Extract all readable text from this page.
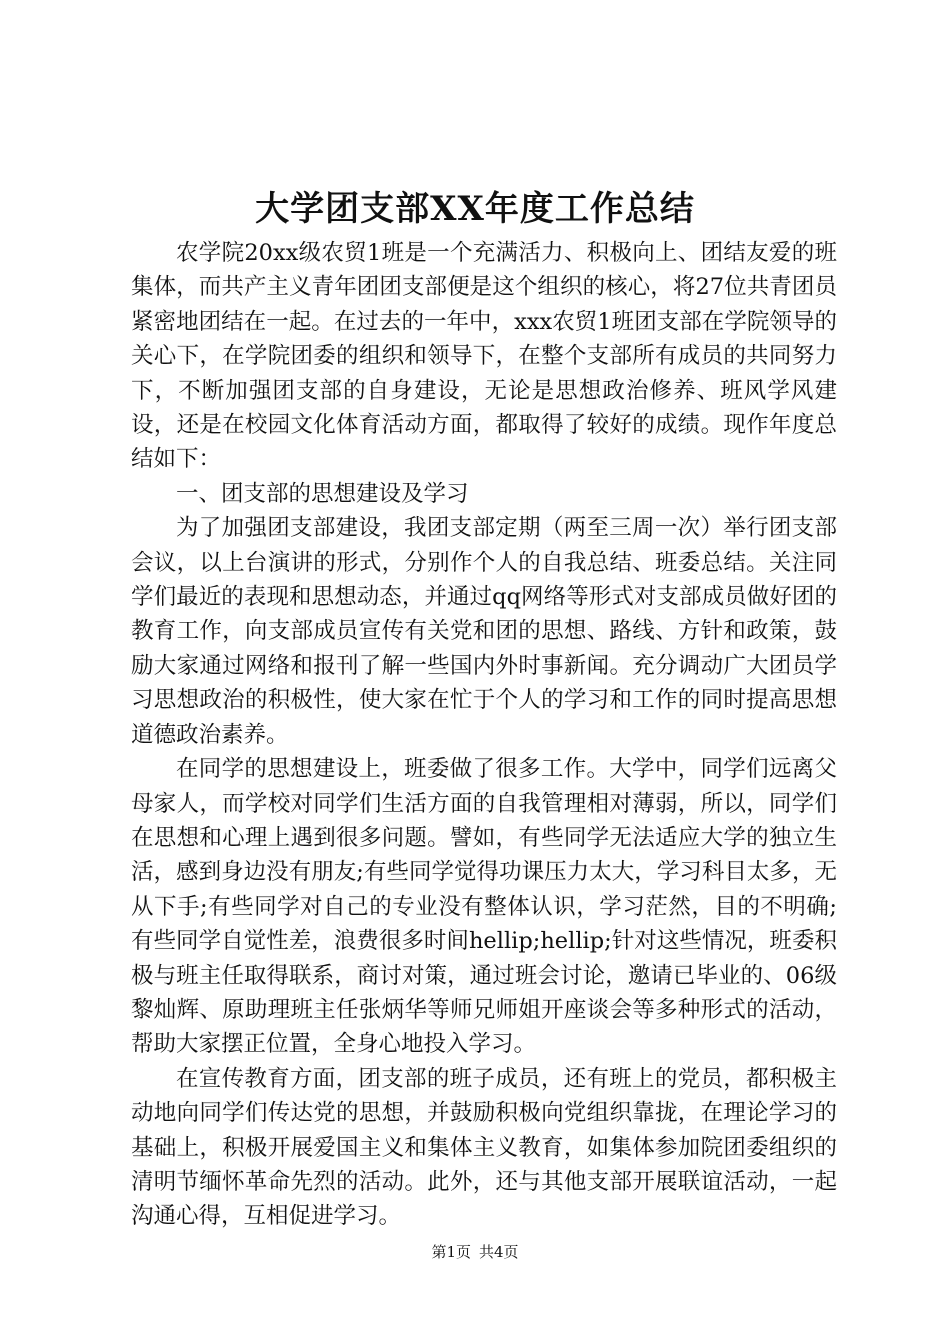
大学团支部XX年度工作总结

农学院20xx级农贸1班是一个充满活力、积极向上、团结友爱的班集体，而共产主义青年团团支部便是这个组织的核心，将27位共青团员紧密地团结在一起。在过去的一年中，xxx农贸1班团支部在学院领导的关心下，在学院团委的组织和领导下，在整个支部所有成员的共同努力下，不断加强团支部的自身建设，无论是思想政治修养、班风学风建设，还是在校园文化体育活动方面，都取得了较好的成绩。现作年度总结如下：

一、团支部的思想建设及学习

为了加强团支部建设，我团支部定期（两至三周一次）举行团支部会议，以上台演讲的形式，分别作个人的自我总结、班委总结。关注同学们最近的表现和思想动态，并通过qq网络等形式对支部成员做好团的教育工作，向支部成员宣传有关党和团的思想、路线、方针和政策，鼓励大家通过网络和报刊了解一些国内外时事新闻。充分调动广大团员学习思想政治的积极性，使大家在忙于个人的学习和工作的同时提高思想道德政治素养。

在同学的思想建设上，班委做了很多工作。大学中，同学们远离父母家人，而学校对同学们生活方面的自我管理相对薄弱，所以，同学们在思想和心理上遇到很多问题。譬如，有些同学无法适应大学的独立生活，感到身边没有朋友;有些同学觉得功课压力太大，学习科目太多，无从下手;有些同学对自己的专业没有整体认识，学习茫然，目的不明确;有些同学自觉性差，浪费很多时间hellip;hellip;针对这些情况，班委积极与班主任取得联系，商讨对策，通过班会讨论，邀请已毕业的、06级黎灿辉、原助理班主任张炳华等师兄师姐开座谈会等多种形式的活动，帮助大家摆正位置，全身心地投入学习。

在宣传教育方面，团支部的班子成员，还有班上的党员，都积极主动地向同学们传达党的思想，并鼓励积极向党组织靠拢，在理论学习的基础上，积极开展爱国主义和集体主义教育，如集体参加院团委组织的清明节缅怀革命先烈的活动。此外，还与其他支部开展联谊活动，一起沟通心得，互相促进学习。

第1页 共4页
